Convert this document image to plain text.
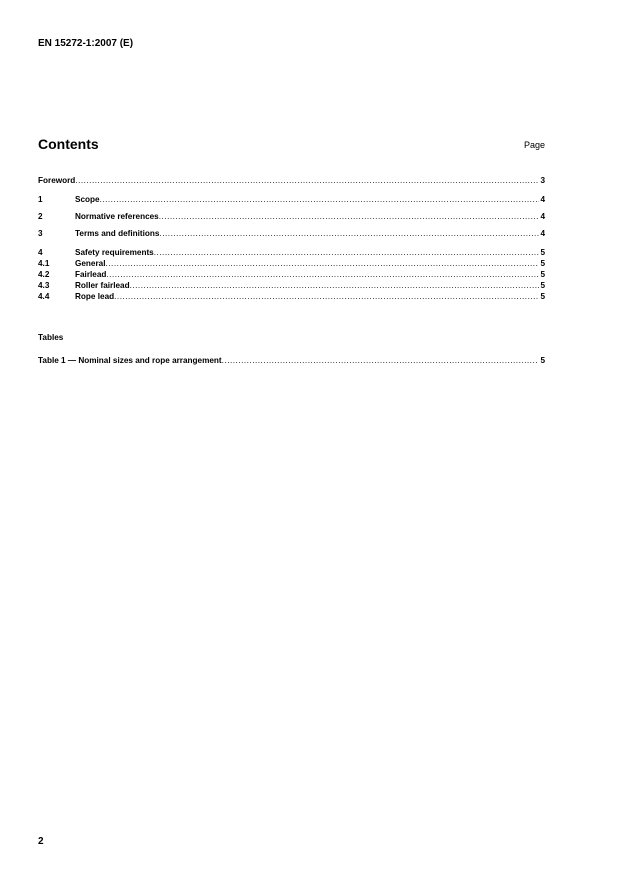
EN 15272-1:2007 (E)
Contents	Page
Foreword .....	3
1	Scope .....	4
2	Normative references .....	4
3	Terms and definitions .....	4
4	Safety requirements .....	5
4.1	General .....	5
4.2	Fairlead .....	5
4.3	Roller fairlead .....	5
4.4	Rope lead .....	5
Tables
Table 1 — Nominal sizes and rope arrangement .....	5
2
